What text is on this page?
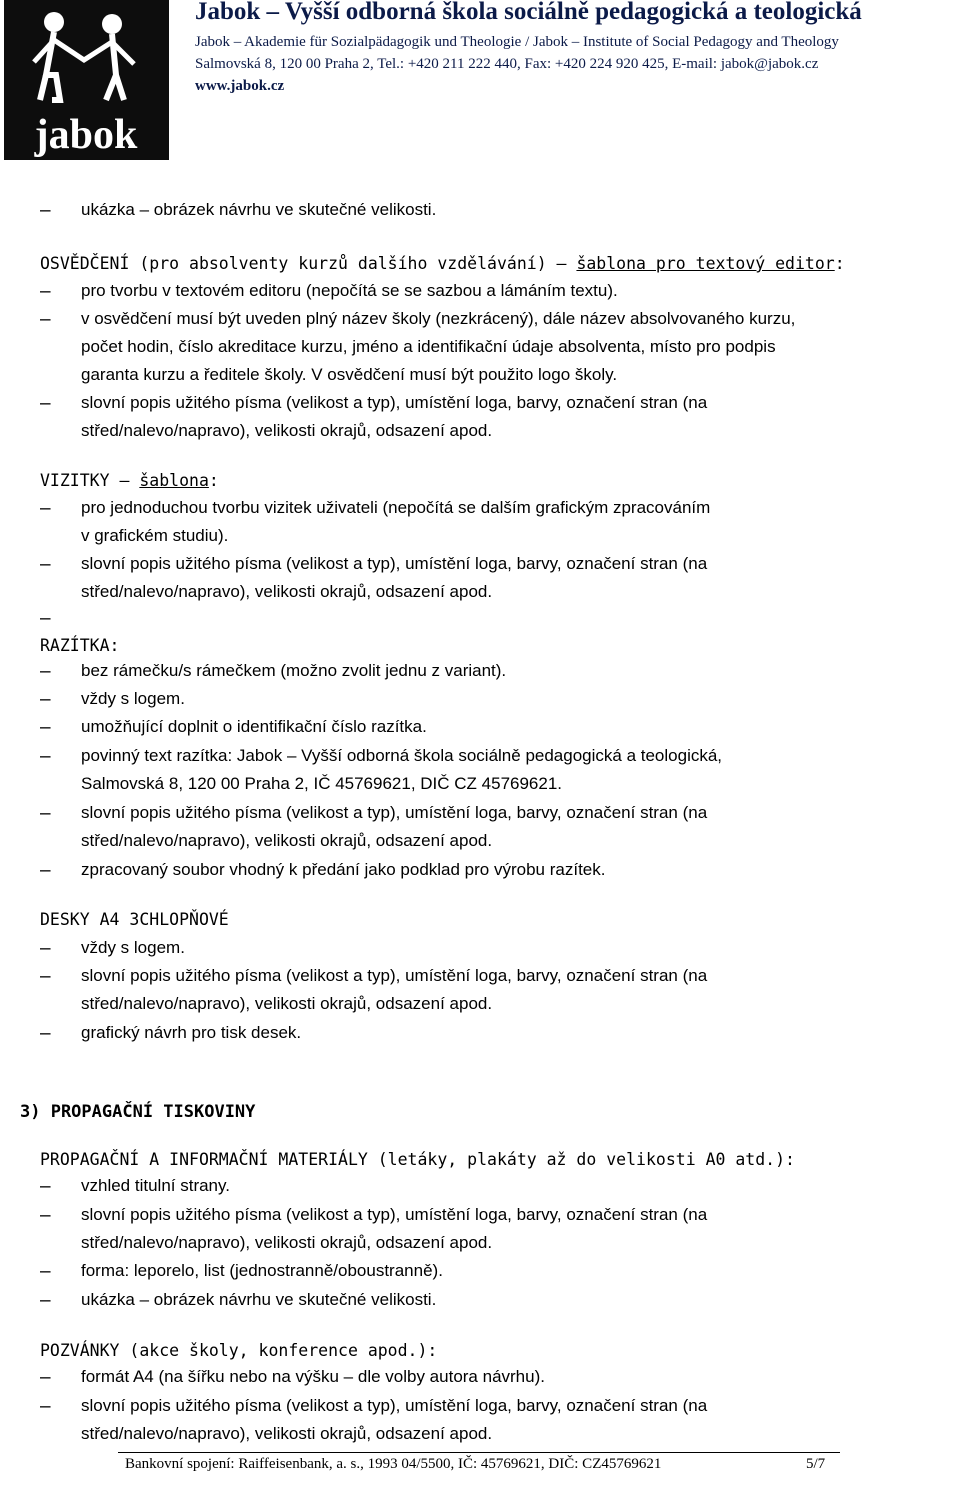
jabok
Jabok – Vyšší odborná škola sociálně pedagogická a teologická
Jabok – Akademie für Sozialpädagogik und Theologie / Jabok – Institute of Social Pedagogy and Theology
Salmovská 8, 120 00 Praha 2, Tel.: +420 211 222 440, Fax: +420 224 920 425, E-mail: jabok@jabok.cz
www.jabok.cz
– ukázka – obrázek návrhu ve skutečné velikosti.
OSVĚDČENÍ (pro absolventy kurzů dalšího vzdělávání) – šablona pro textový editor:
– pro tvorbu v textovém editoru (nepočítá se se sazbou a lámáním textu).
– v osvědčení musí být uveden plný název školy (nezkrácený), dále název absolvovaného kurzu,
počet hodin, číslo akreditace kurzu, jméno a identifikační údaje absolventa, místo pro podpis
garanta kurzu a ředitele školy. V osvědčení musí být použito logo školy.
– slovní popis užitého písma (velikost a typ), umístění loga, barvy, označení stran (na
střed/nalevo/napravo), velikosti okrajů, odsazení apod.
VIZITKY – šablona:
– pro jednoduchou tvorbu vizitek uživateli (nepočítá se dalším grafickým zpracováním
v grafickém studiu).
– slovní popis užitého písma (velikost a typ), umístění loga, barvy, označení stran (na
střed/nalevo/napravo), velikosti okrajů, odsazení apod.
–
RAZÍTKA:
– bez rámečku/s rámečkem (možno zvolit jednu z variant).
– vždy s logem.
– umožňující doplnit o identifikační číslo razítka.
– povinný text razítka: Jabok – Vyšší odborná škola sociálně pedagogická a teologická,
Salmovská 8, 120 00 Praha 2, IČ 45769621, DIČ CZ 45769621.
– slovní popis užitého písma (velikost a typ), umístění loga, barvy, označení stran (na
střed/nalevo/napravo), velikosti okrajů, odsazení apod.
– zpracovaný soubor vhodný k předání jako podklad pro výrobu razítek.
DESKY A4 3CHLOPŇOVÉ
– vždy s logem.
– slovní popis užitého písma (velikost a typ), umístění loga, barvy, označení stran (na
střed/nalevo/napravo), velikosti okrajů, odsazení apod.
– grafický návrh pro tisk desek.
3) PROPAGAČNÍ TISKOVINY
PROPAGAČNÍ A INFORMAČNÍ MATERIÁLY (letáky, plakáty až do velikosti A0 atd.):
– vzhled titulní strany.
– slovní popis užitého písma (velikost a typ), umístění loga, barvy, označení stran (na
střed/nalevo/napravo), velikosti okrajů, odsazení apod.
– forma: leporelo, list (jednostranně/oboustranně).
– ukázka – obrázek návrhu ve skutečné velikosti.
POZVÁNKY (akce školy, konference apod.):
– formát A4 (na šířku nebo na výšku – dle volby autora návrhu).
– slovní popis užitého písma (velikost a typ), umístění loga, barvy, označení stran (na
střed/nalevo/napravo), velikosti okrajů, odsazení apod.
Bankovní spojení: Raiffeisenbank, a. s., 1993 04/5500, IČ: 45769621, DIČ: CZ45769621	5/7
